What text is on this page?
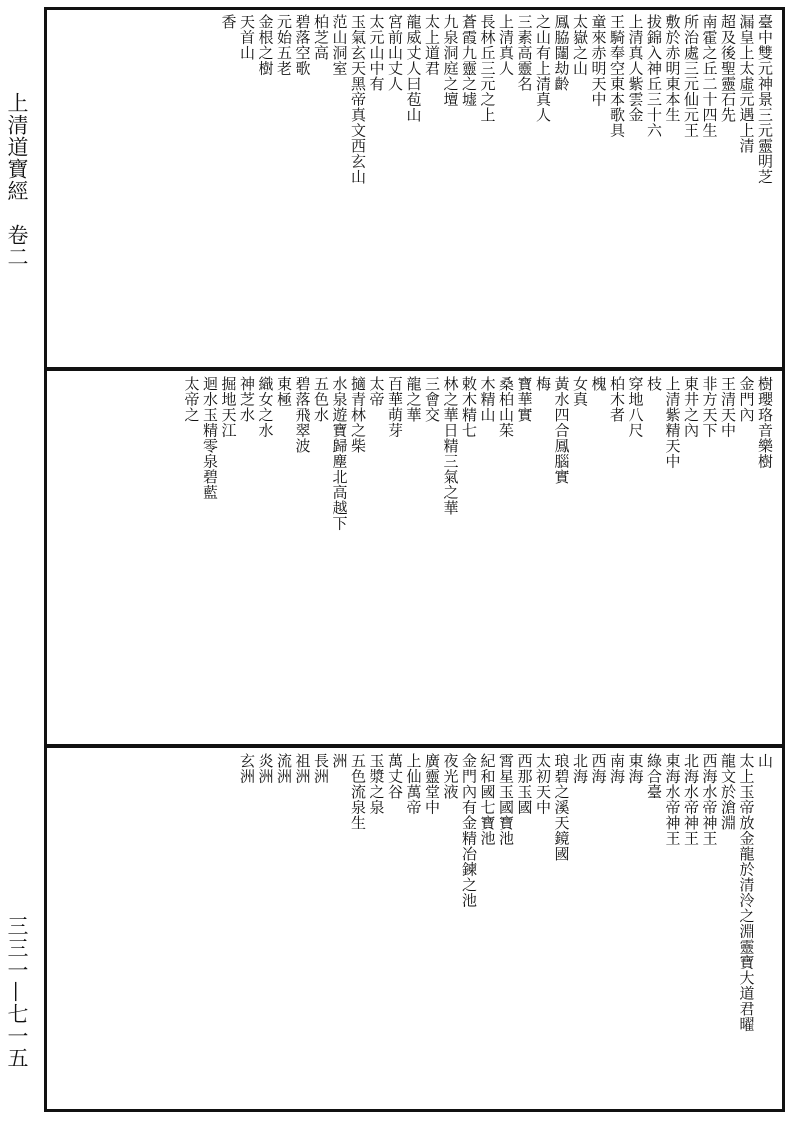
上清道寶經　卷二
三三一—七一五
臺中雙元神景三元靈明芝
漏皇上太虛元遇上清
超及後聖靈石先
南霍之丘二十四生
所治處三元仙元王
敷於赤明東本生
拔錦入神丘三十六
上清真人紫雲金
王騎奉空東本歌具
童來赤明天中
太嶽之山
鳳脇闥劫齡
之山有上清真人
三素高靈名
上清真人
長林丘三元之上
蒼霞九靈之墟
九泉洞庭之壇
太上道君
龍威丈人曰苞山
宮前山丈人
太元山中有
玉氣玄天黑帝真文西玄山
范山洞室
柏芝高
碧落空歌
元始五老
金根之樹
天首山
香
樹瓔珞音樂樹
金門內
王清天中
非方天下
東井之內
上清紫精天中
枝
穿地八尺
柏木者
槐
女真
黃水四合鳳腦實
梅
寶華實
桑柏山茱
木精山
敕木精七
林之華日精三氣之華
三會交
龍之華
百華萌芽
太帝
擿青林之柴
水泉遊寶歸塵北高越下
五色水
碧落飛翠波
東極
織女之水
神芝水
掘地天江
迴水玉精零泉碧藍
太帝之
山
太上玉帝放金龍於清泠之淵靈寶大道君曜
龍文於滄淵
西海水帝神王
北海水帝神王
東海水帝神王
綠合臺
東海
南海
西海
北海
琅碧之溪天鏡國
太初天中
西那玉國
霄星玉國寶池
紀和國七寶池
金門內有金精冶鍊之池
夜光液
廣靈堂中
上仙萬帝
萬丈谷
玉漿之泉
五色流泉生
洲
長洲
祖洲
流洲
炎洲
玄洲
